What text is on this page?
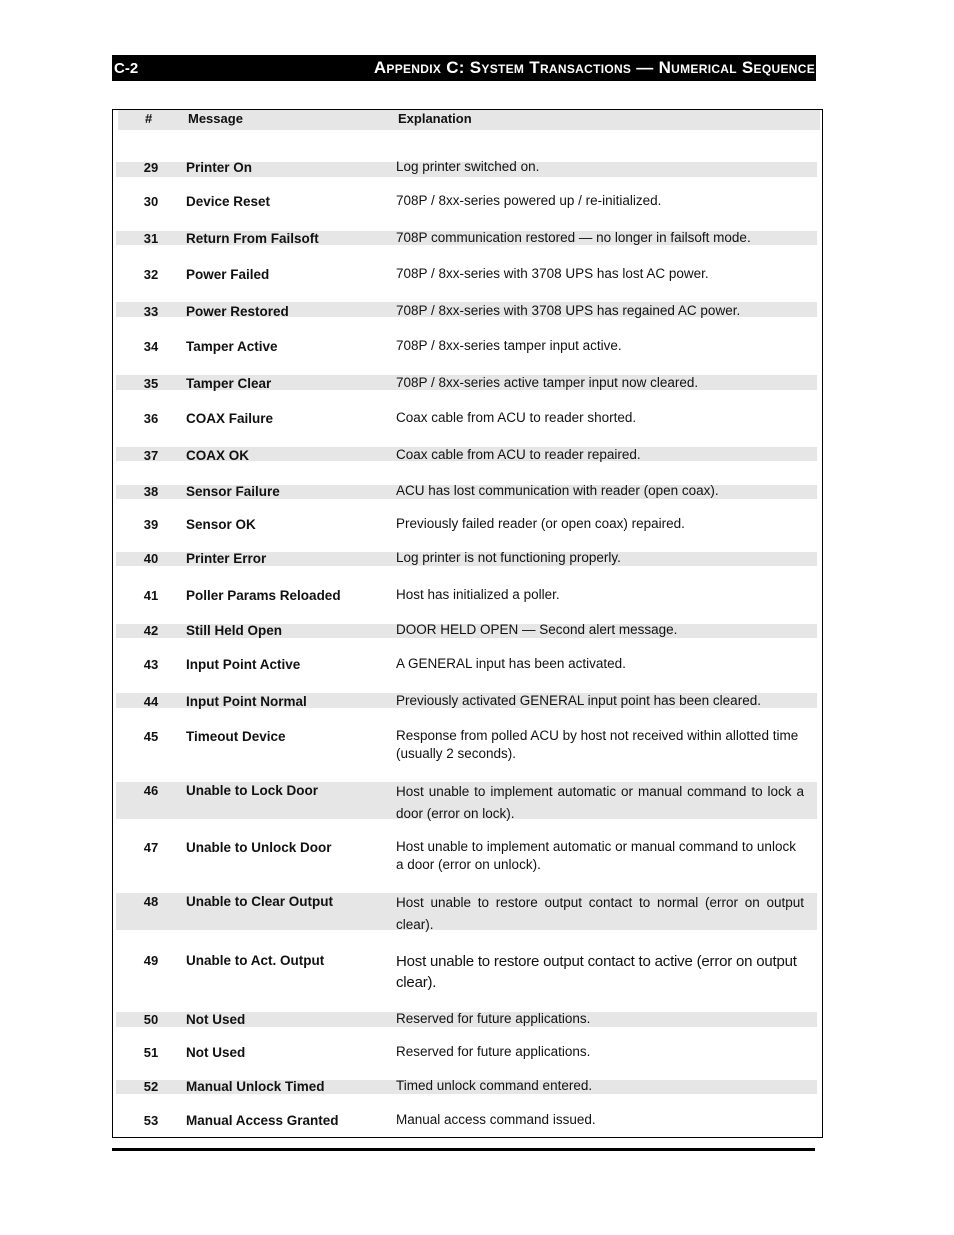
C-2	Appendix C: System Transactions — Numerical Sequence
#	Message	Explanation
29	Printer On	Log printer switched on.
30	Device Reset	708P / 8xx-series powered up / re-initialized.
31	Return From Failsoft	708P communication restored — no longer in failsoft mode.
32	Power Failed	708P / 8xx-series with 3708 UPS has lost AC power.
33	Power Restored	708P / 8xx-series with 3708 UPS has regained AC power.
34	Tamper Active	708P / 8xx-series tamper input active.
35	Tamper Clear	708P / 8xx-series active tamper input now cleared.
36	COAX Failure	Coax cable from ACU to reader shorted.
37	COAX OK	Coax cable from ACU to reader repaired.
38	Sensor Failure	ACU has lost communication with reader (open coax).
39	Sensor OK	Previously failed reader (or open coax) repaired.
40	Printer Error	Log printer is not functioning properly.
41	Poller Params Reloaded	Host has initialized a poller.
42	Still Held Open	DOOR HELD OPEN — Second alert message.
43	Input Point Active	A GENERAL input has been activated.
44	Input Point Normal	Previously activated GENERAL input point has been cleared.
45	Timeout Device	Response from polled ACU by host not received within allotted time (usually 2 seconds).
46	Unable to Lock Door	Host unable to implement automatic or manual command to lock a door (error on lock).
47	Unable to Unlock Door	Host unable to implement automatic or manual command to unlock a door (error on unlock).
48	Unable to Clear Output	Host unable to restore output contact to normal (error on output clear).
49	Unable to Act. Output	Host unable to restore output contact to active (error on output clear).
50	Not Used	Reserved for future applications.
51	Not Used	Reserved for future applications.
52	Manual Unlock Timed	Timed unlock command entered.
53	Manual Access Granted	Manual access command issued.
